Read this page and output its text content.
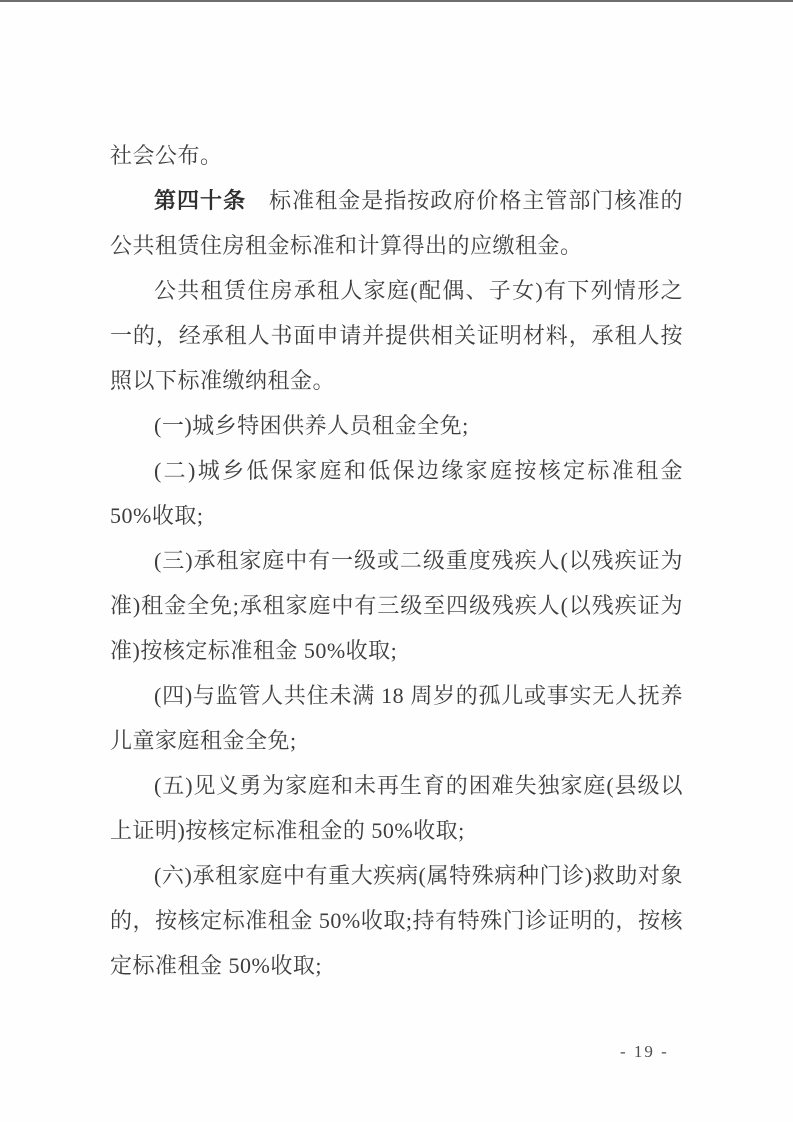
社会公布。

第四十条　标准租金是指按政府价格主管部门核准的公共租赁住房租金标准和计算得出的应缴租金。

公共租赁住房承租人家庭(配偶、子女)有下列情形之一的，经承租人书面申请并提供相关证明材料，承租人按照以下标准缴纳租金。

(一)城乡特困供养人员租金全免;

(二)城乡低保家庭和低保边缘家庭按核定标准租金 50%收取;

(三)承租家庭中有一级或二级重度残疾人(以残疾证为准)租金全免;承租家庭中有三级至四级残疾人(以残疾证为准)按核定标准租金 50%收取;

(四)与监管人共住未满 18 周岁的孤儿或事实无人抚养儿童家庭租金全免;

(五)见义勇为家庭和未再生育的困难失独家庭(县级以上证明)按核定标准租金的 50%收取;

(六)承租家庭中有重大疾病(属特殊病种门诊)救助对象的，按核定标准租金 50%收取;持有特殊门诊证明的，按核定标准租金 50%收取;

- 19 -
